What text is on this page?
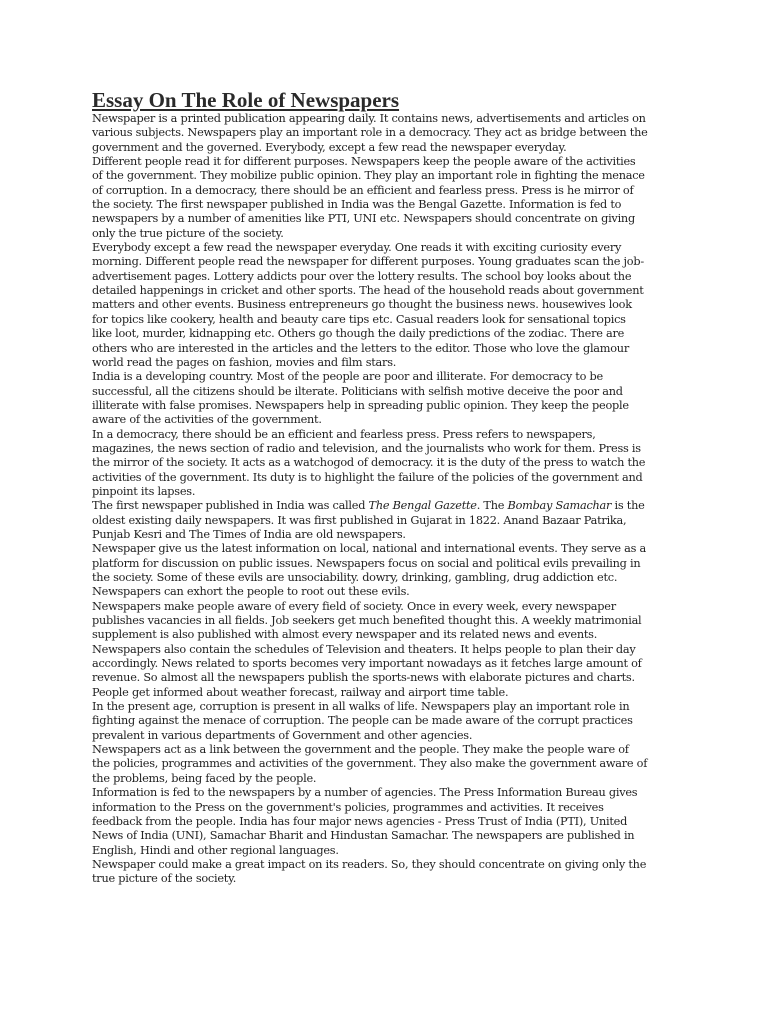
Essay On The Role of Newspapers

Newspaper is a printed publication appearing daily. It contains news, advertisements and articles on various subjects. Newspapers play an important role in a democracy. They act as bridge between the government and the governed. Everybody, except a few read the newspaper everyday.

Different people read it for different purposes. Newspapers keep the people aware of the activities of the government. They mobilize public opinion. They play an important role in fighting the menace of corruption. In a democracy, there should be an efficient and fearless press. Press is he mirror of the society. The first newspaper published in India was the Bengal Gazette. Information is fed to newspapers by a number of amenities like PTI, UNI etc. Newspapers should concentrate on giving only the true picture of the society.

Everybody except a few read the newspaper everyday. One reads it with exciting curiosity every morning. Different people read the newspaper for different purposes. Young graduates scan the job-advertisement pages. Lottery addicts pour over the lottery results. The school boy looks about the detailed happenings in cricket and other sports. The head of the household reads about government matters and other events. Business entrepreneurs go thought the business news. housewives look for topics like cookery, health and beauty care tips etc. Casual readers look for sensational topics like loot, murder, kidnapping etc. Others go though the daily predictions of the zodiac. There are others who are interested in the articles and the letters to the editor. Those who love the glamour world read the pages on fashion, movies and film stars.

India is a developing country. Most of the people are poor and illiterate. For democracy to be successful, all the citizens should be ilterate. Politicians with selfish motive deceive the poor and illiterate with false promises. Newspapers help in spreading public opinion. They keep the people aware of the activities of the government.

In a democracy, there should be an efficient and fearless press. Press refers to newspapers, magazines, the news section of radio and television, and the journalists who work for them. Press is the mirror of the society. It acts as a watchogod of democracy. it is the duty of the press to watch the activities of the government. Its duty is to highlight the failure of the policies of the government and pinpoint its lapses.

The first newspaper published in India was called The Bengal Gazette. The Bombay Samachar is the oldest existing daily newspapers. It was first published in Gujarat in 1822. Anand Bazaar Patrika, Punjab Kesri and The Times of India are old newspapers.

Newspaper give us the latest information on local, national and international events. They serve as a platform for discussion on public issues. Newspapers focus on social and political evils prevailing in the society. Some of these evils are unsociability. dowry, drinking, gambling, drug addiction etc. Newspapers can exhort the people to root out these evils.

Newspapers make people aware of every field of society. Once in every week, every newspaper publishes vacancies in all fields. Job seekers get much benefited thought this. A weekly matrimonial supplement is also published with almost every newspaper and its related news and events. Newspapers also contain the schedules of Television and theaters. It helps people to plan their day accordingly. News related to sports becomes very important nowadays as it fetches large amount of revenue. So almost all the newspapers publish the sports-news with elaborate pictures and charts. People get informed about weather forecast, railway and airport time table.

In the present age, corruption is present in all walks of life. Newspapers play an important role in fighting against the menace of corruption. The people can be made aware of the corrupt practices prevalent in various departments of Government and other agencies.

Newspapers act as a link between the government and the people. They make the people ware of the policies, programmes and activities of the government. They also make the government aware of the problems, being faced by the people.

Information is fed to the newspapers by a number of agencies. The Press Information Bureau gives information to the Press on the government's policies, programmes and activities. It receives feedback from the people. India has four major news agencies - Press Trust of India (PTI), United News of India (UNI), Samachar Bharit and Hindustan Samachar. The newspapers are published in English, Hindi and other regional languages.

Newspaper could make a great impact on its readers. So, they should concentrate on giving only the true picture of the society.
